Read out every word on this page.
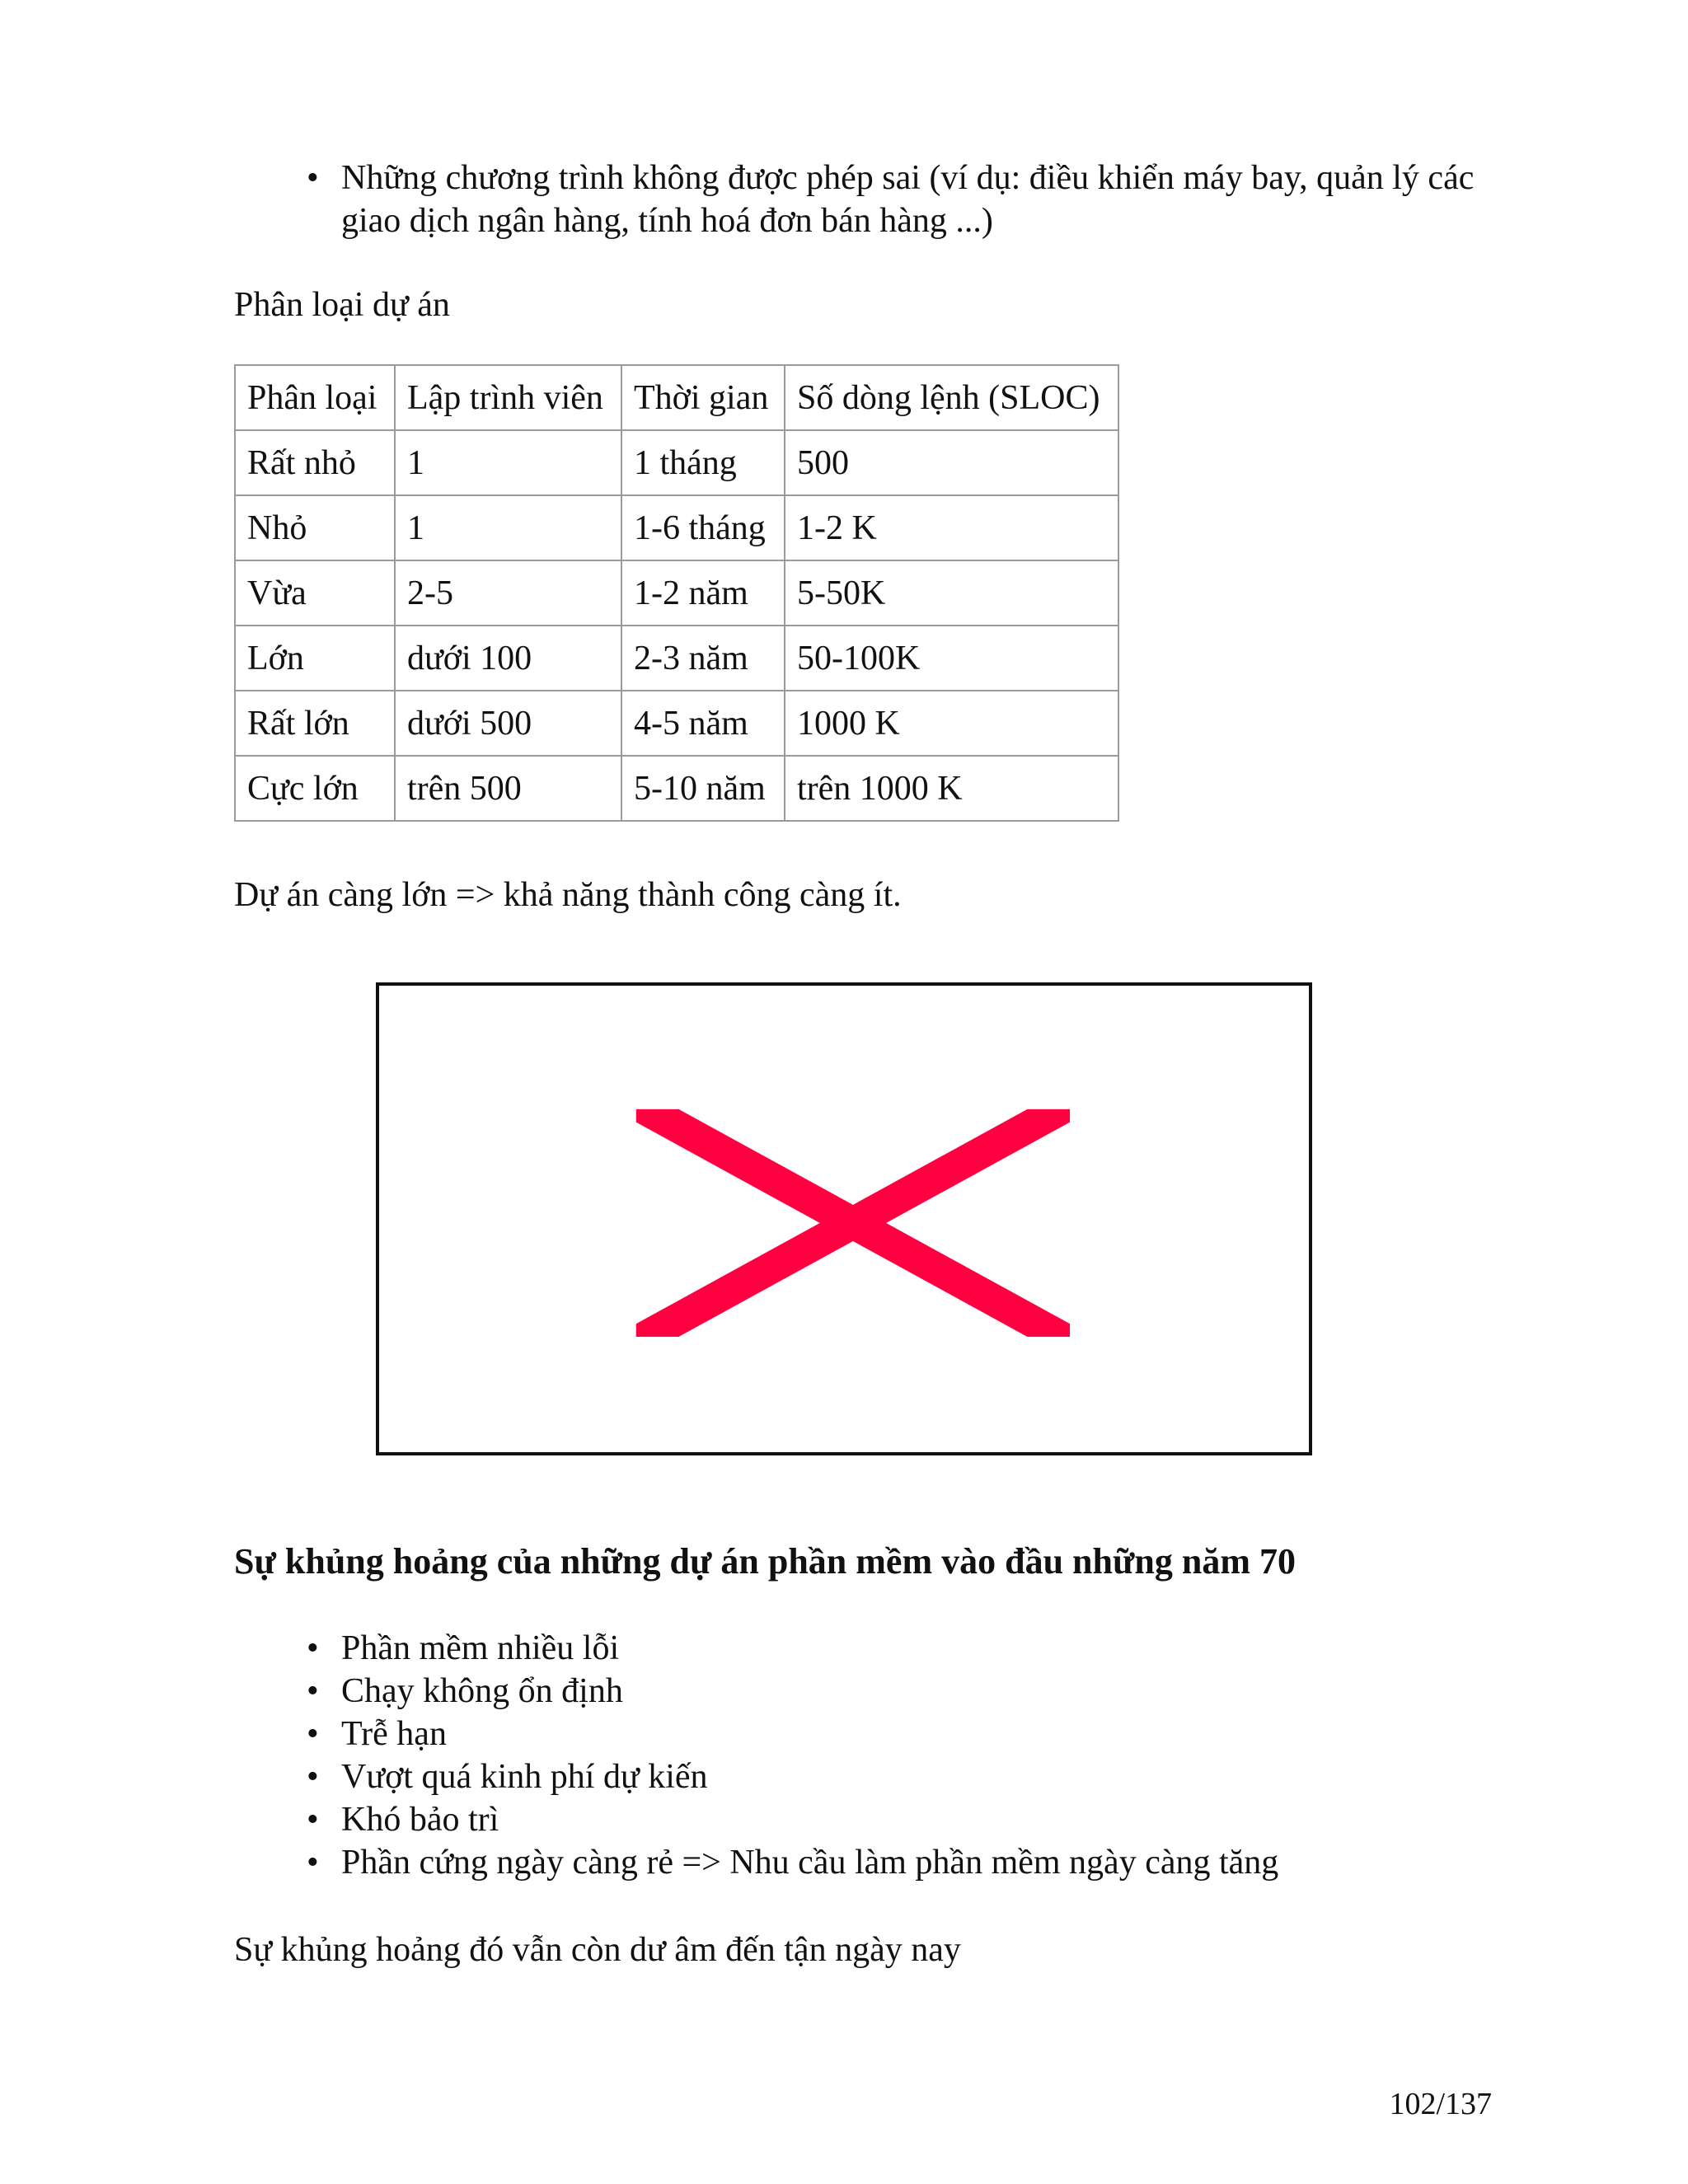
• Những chương trình không được phép sai (ví dụ: điều khiển máy bay, quản lý các giao dịch ngân hàng, tính hoá đơn bán hàng ...)

Phân loại dự án

Phân loại	Lập trình viên	Thời gian	Số dòng lệnh (SLOC)
Rất nhỏ	1	1 tháng	500
Nhỏ	1	1-6 tháng	1-2 K
Vừa	2-5	1-2 năm	5-50K
Lớn	dưới 100	2-3 năm	50-100K
Rất lớn	dưới 500	4-5 năm	1000 K
Cực lớn	trên 500	5-10 năm	trên 1000 K

Dự án càng lớn => khả năng thành công càng ít.

Sự khủng hoảng của những dự án phần mềm vào đầu những năm 70
• Phần mềm nhiều lỗi
• Chạy không ổn định
• Trễ hạn
• Vượt quá kinh phí dự kiến
• Khó bảo trì
• Phần cứng ngày càng rẻ => Nhu cầu làm phần mềm ngày càng tăng

Sự khủng hoảng đó vẫn còn dư âm đến tận ngày nay

102/137
